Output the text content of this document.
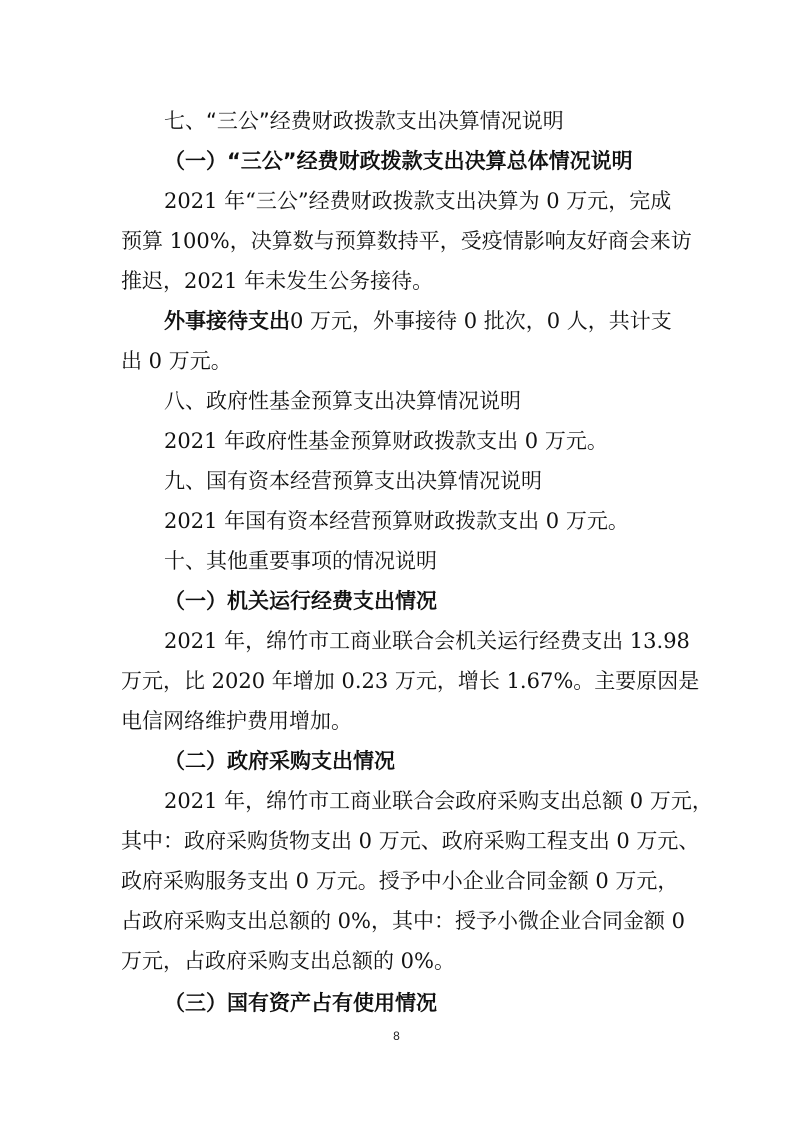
七、“三公”经费财政拨款支出决算情况说明
（一）“三公”经费财政拨款支出决算总体情况说明
2021 年“三公”经费财政拨款支出决算为 0 万元，完成
预算 100%，决算数与预算数持平，受疫情影响友好商会来访
推迟，2021 年未发生公务接待。
外事接待支出0 万元，外事接待 0 批次，0 人，共计支
出 0 万元。
八、政府性基金预算支出决算情况说明
2021 年政府性基金预算财政拨款支出 0 万元。
九、国有资本经营预算支出决算情况说明
2021 年国有资本经营预算财政拨款支出 0 万元。
十、其他重要事项的情况说明
（一）机关运行经费支出情况
2021 年，绵竹市工商业联合会机关运行经费支出 13.98
万元，比 2020 年增加 0.23 万元，增长 1.67%。主要原因是
电信网络维护费用增加。
（二）政府采购支出情况
2021 年，绵竹市工商业联合会政府采购支出总额 0 万元，
其中：政府采购货物支出 0 万元、政府采购工程支出 0 万元、
政府采购服务支出 0 万元。授予中小企业合同金额 0 万元，
占政府采购支出总额的 0%，其中：授予小微企业合同金额 0
万元，占政府采购支出总额的 0%。
（三）国有资产占有使用情况
8
